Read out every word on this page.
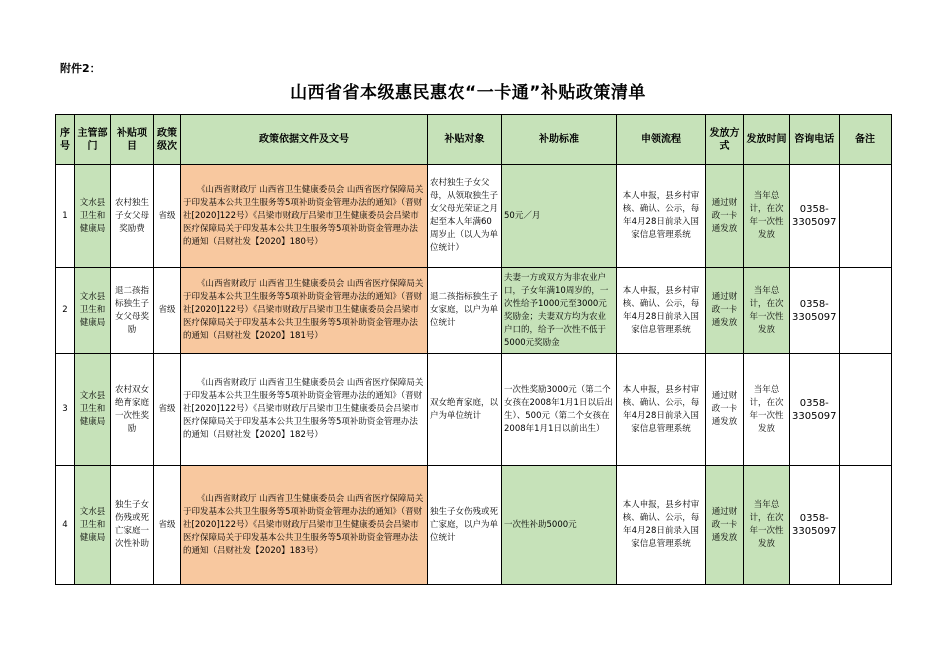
附件2：
山西省省本级惠民惠农“一卡通”补贴政策清单
序号	主管部门	补贴项目	政策级次	政策依据文件及文号	补贴对象	补助标准	申领流程	发放方式	发放时间	咨询电话	备注
1	文水县卫生和健康局	农村独生子女父母奖励费	省级	《山西省财政厅 山西省卫生健康委员会 山西省医疗保障局关于印发基本公共卫生服务等5项补助资金管理办法的通知》（晋财社[2020]122号）《吕梁市财政厅吕梁市卫生健康委员会吕梁市医疗保障局关于印发基本公共卫生服务等5项补助资金管理办法的通知（吕财社发【2020】180号）	农村独生子女父母，从领取独生子女父母光荣证之月起至本人年满60周岁止（以人为单位统计）	50元／月	本人申报，县乡村审核、确认、公示，每年4月28日前录入国家信息管理系统	通过财政一卡通发放	当年总计，在次年一次性发放	0358-3305097	
2	文水县卫生和健康局	退二孩指标独生子女父母奖励	省级	《山西省财政厅 山西省卫生健康委员会 山西省医疗保障局关于印发基本公共卫生服务等5项补助资金管理办法的通知》（晋财社[2020]122号）《吕梁市财政厅吕梁市卫生健康委员会吕梁市医疗保障局关于印发基本公共卫生服务等5项补助资金管理办法的通知（吕财社发【2020】181号）	退二孩指标独生子女家庭，以户为单位统计	夫妻一方或双方为非农业户口，子女年满10周岁的，一次性给予1000元至3000元奖励金；夫妻双方均为农业户口的，给予一次性不低于5000元奖励金	本人申报，县乡村审核、确认、公示，每年4月28日前录入国家信息管理系统	通过财政一卡通发放	当年总计，在次年一次性发放	0358-3305097	
3	文水县卫生和健康局	农村双女绝育家庭一次性奖励	省级	《山西省财政厅 山西省卫生健康委员会 山西省医疗保障局关于印发基本公共卫生服务等5项补助资金管理办法的通知》（晋财社[2020]122号）《吕梁市财政厅吕梁市卫生健康委员会吕梁市医疗保障局关于印发基本公共卫生服务等5项补助资金管理办法的通知（吕财社发【2020】182号）	双女绝育家庭，以户为单位统计	一次性奖励3000元（第二个女孩在2008年1月1日以后出生）、500元（第二个女孩在2008年1月1日以前出生）	本人申报，县乡村审核、确认、公示，每年4月28日前录入国家信息管理系统	通过财政一卡通发放	当年总计，在次年一次性发放	0358-3305097	
4	文水县卫生和健康局	独生子女伤残或死亡家庭一次性补助	省级	《山西省财政厅 山西省卫生健康委员会 山西省医疗保障局关于印发基本公共卫生服务等5项补助资金管理办法的通知》（晋财社[2020]122号）《吕梁市财政厅吕梁市卫生健康委员会吕梁市医疗保障局关于印发基本公共卫生服务等5项补助资金管理办法的通知（吕财社发【2020】183号）	独生子女伤残或死亡家庭，以户为单位统计	一次性补助5000元	本人申报，县乡村审核、确认、公示，每年4月28日前录入国家信息管理系统	通过财政一卡通发放	当年总计，在次年一次性发放	0358-3305097	
